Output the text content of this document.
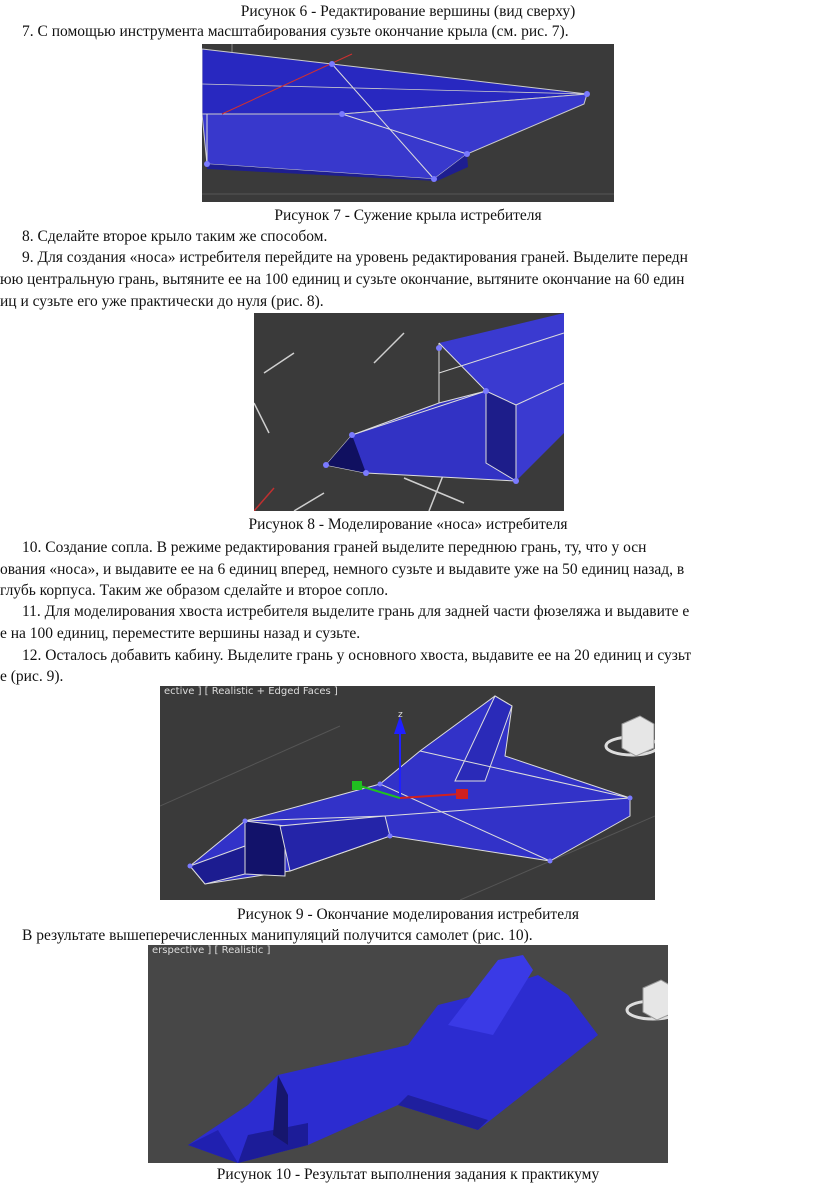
Рисунок 6 - Редактирование вершины (вид сверху)
7. С помощью инструмента масштабирования сузьте окончание крыла (см. рис. 7).
Рисунок 7 - Сужение крыла истребителя
8. Сделайте второе крыло таким же способом.
9. Для создания «носа» истребителя перейдите на уровень редактирования граней. Выделите передн
юю центральную грань, вытяните ее на 100 единиц и сузьте окончание, вытяните окончание на 60 един
иц и сузьте его уже практически до нуля (рис. 8).
Рисунок 8 - Моделирование «носа» истребителя
10. Создание сопла. В режиме редактирования граней выделите переднюю грань, ту, что у осн
ования «носа», и выдавите ее на 6 единиц вперед, немного сузьте и выдавите уже на 50 единиц назад, в
глубь корпуса. Таким же образом сделайте и второе сопло.
11. Для моделирования хвоста истребителя выделите грань для задней части фюзеляжа и выдавите е
е на 100 единиц, переместите вершины назад и сузьте.
12. Осталось добавить кабину. Выделите грань у основного хвоста, выдавите ее на 20 единиц и сузьт
е (рис. 9).
ective ] [ Realistic + Edged Faces ]
z
Рисунок 9 - Окончание моделирования истребителя
В результате вышеперечисленных манипуляций получится самолет (рис. 10).
erspective ] [ Realistic ]
Рисунок 10 - Результат выполнения задания к практикуму
